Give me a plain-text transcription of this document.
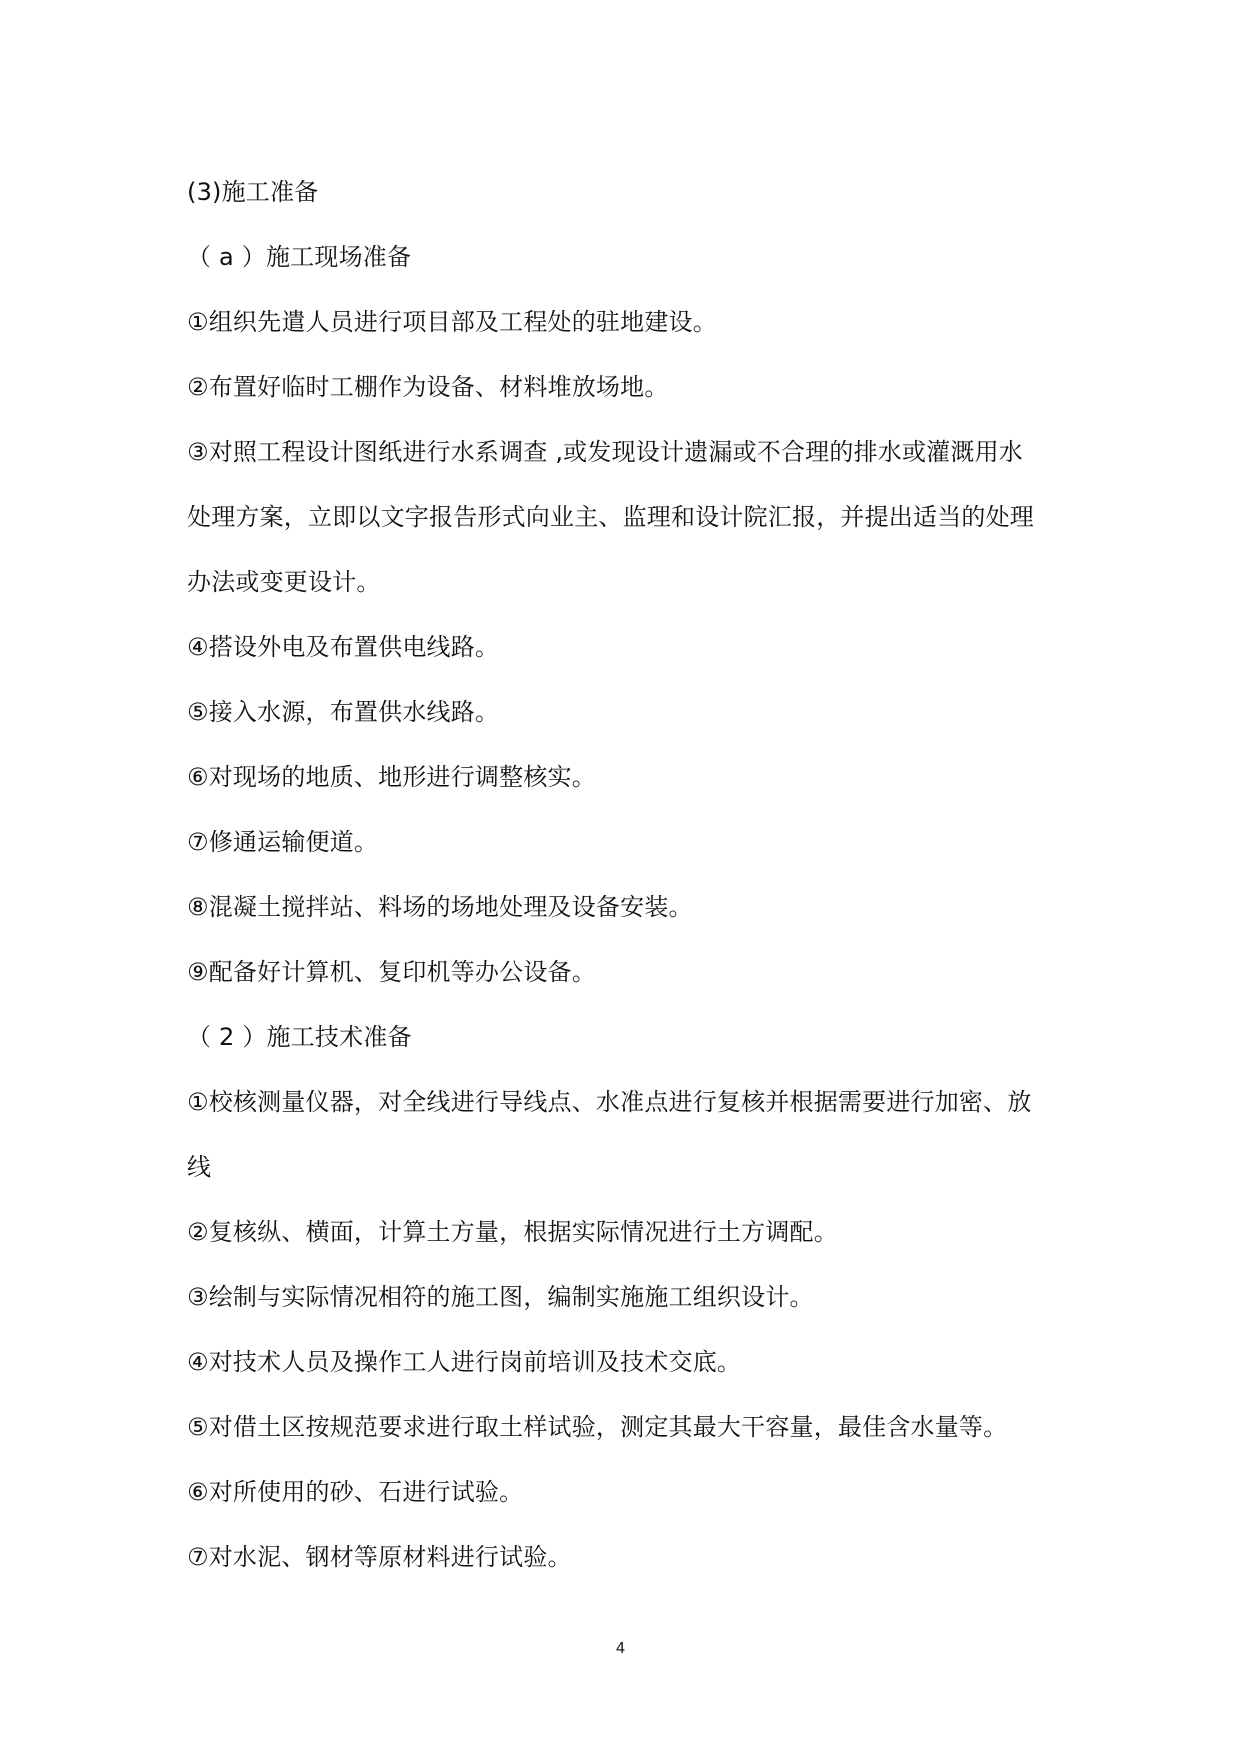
(3)施工准备
（ a ）施工现场准备
①组织先遣人员进行项目部及工程处的驻地建设。
②布置好临时工棚作为设备、材料堆放场地。
③对照工程设计图纸进行水系调查 ,或发现设计遗漏或不合理的排水或灌溉用水
处理方案，立即以文字报告形式向业主、监理和设计院汇报，并提出适当的处理
办法或变更设计。
④搭设外电及布置供电线路。
⑤接入水源，布置供水线路。
⑥对现场的地质、地形进行调整核实。
⑦修通运输便道。
⑧混凝土搅拌站、料场的场地处理及设备安装。
⑨配备好计算机、复印机等办公设备。
（ 2 ）施工技术准备
①校核测量仪器，对全线进行导线点、水准点进行复核并根据需要进行加密、放
线
②复核纵、横面，计算土方量，根据实际情况进行土方调配。
③绘制与实际情况相符的施工图，编制实施施工组织设计。
④对技术人员及操作工人进行岗前培训及技术交底。
⑤对借土区按规范要求进行取土样试验，测定其最大干容量，最佳含水量等。
⑥对所使用的砂、石进行试验。
⑦对水泥、钢材等原材料进行试验。
4
